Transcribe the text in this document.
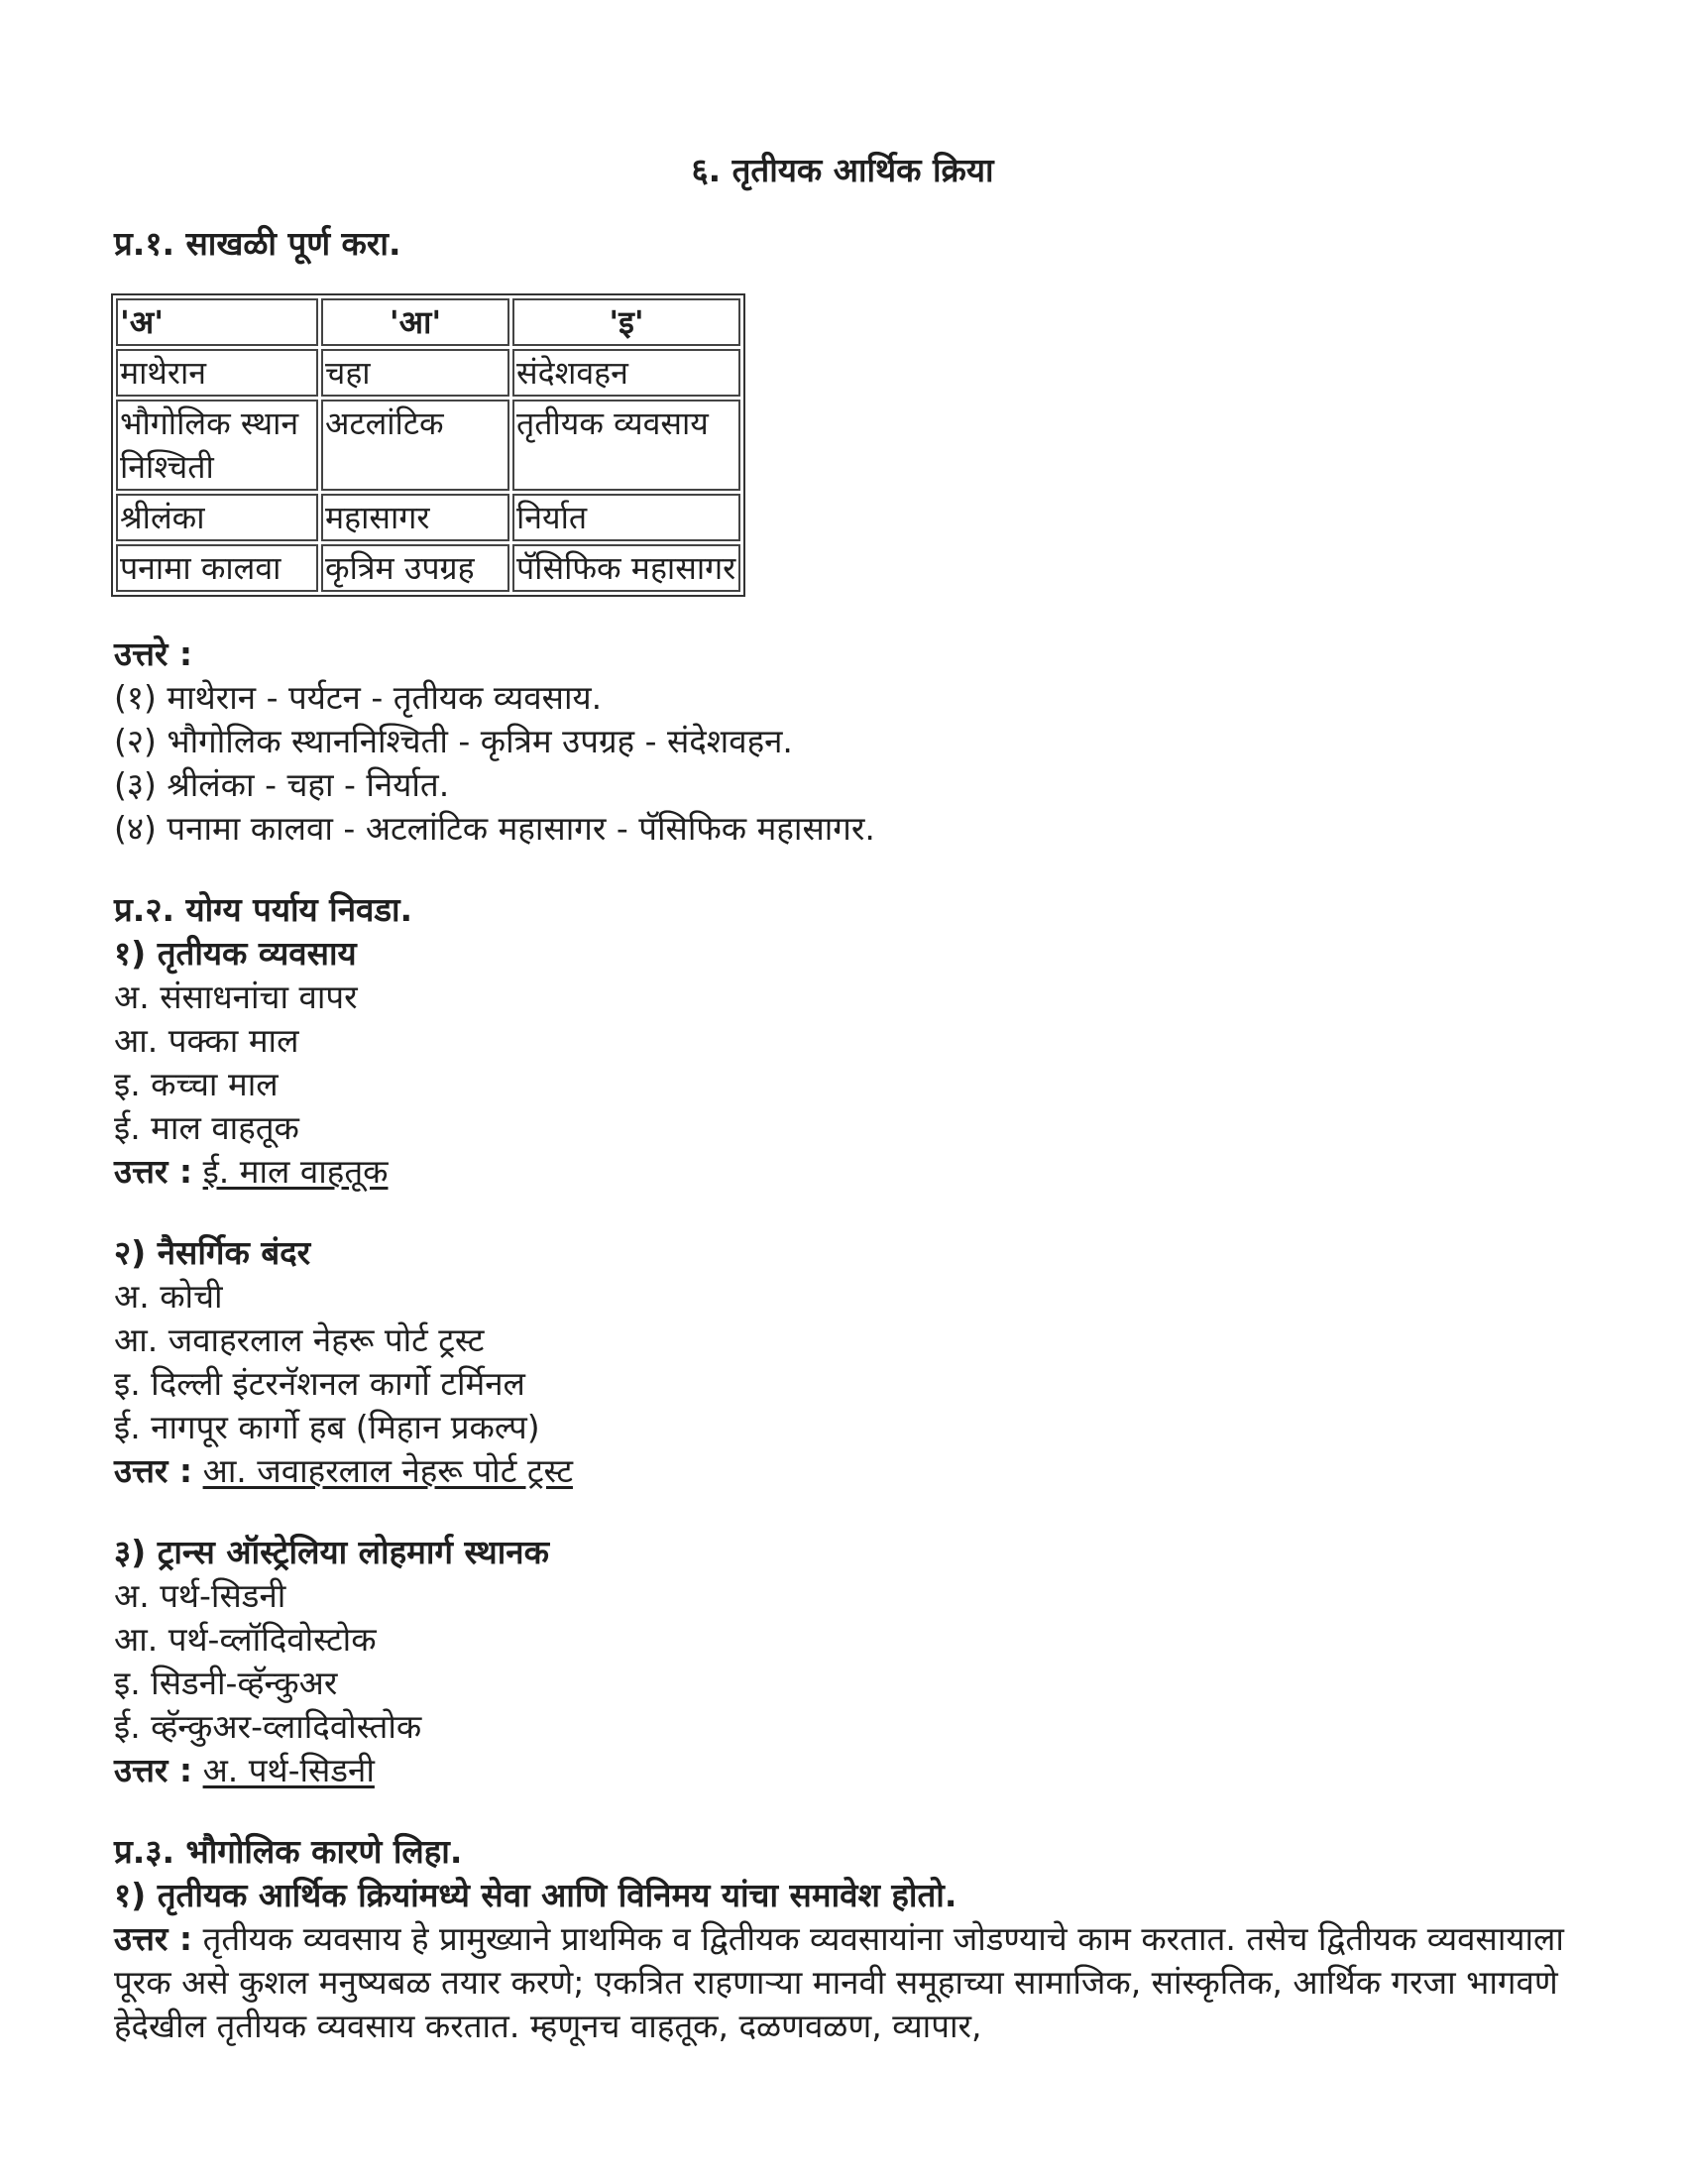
६. तृतीयक आर्थिक क्रिया
प्र.१. साखळी पूर्ण करा.
'अ'	'आ'	'इ'
माथेरान	चहा	संदेशवहन
भौगोलिक स्थान निश्चिती	अटलांटिक	तृतीयक व्यवसाय
श्रीलंका	महासागर	निर्यात
पनामा कालवा	कृत्रिम उपग्रह	पॅसिफिक महासागर
उत्तरे :
(१) माथेरान - पर्यटन - तृतीयक व्यवसाय.
(२) भौगोलिक स्थाननिश्चिती - कृत्रिम उपग्रह - संदेशवहन.
(३) श्रीलंका - चहा - निर्यात.
(४) पनामा कालवा - अटलांटिक महासागर - पॅसिफिक महासागर.
प्र.२. योग्य पर्याय निवडा.
१) तृतीयक व्यवसाय
अ. संसाधनांचा वापर
आ. पक्का माल
इ. कच्चा माल
ई. माल वाहतूक
उत्तर : ई. माल वाहतूक
२) नैसर्गिक बंदर
अ. कोची
आ. जवाहरलाल नेहरू पोर्ट ट्रस्ट
इ. दिल्ली इंटरनॅशनल कार्गो टर्मिनल
ई. नागपूर कार्गो हब (मिहान प्रकल्प)
उत्तर : आ. जवाहरलाल नेहरू पोर्ट ट्रस्ट
३) ट्रान्स ऑस्ट्रेलिया लोहमार्ग स्थानक
अ. पर्थ-सिडनी
आ. पर्थ-व्लॉदिवोस्टोक
इ. सिडनी-व्हॅन्कुअर
ई. व्हॅन्कुअर-व्लादिवोस्तोक
उत्तर : अ. पर्थ-सिडनी
प्र.३. भौगोलिक कारणे लिहा.
१) तृतीयक आर्थिक क्रियांमध्ये सेवा आणि विनिमय यांचा समावेश होतो.
उत्तर : तृतीयक व्यवसाय हे प्रामुख्याने प्राथमिक व द्वितीयक व्यवसायांना जोडण्याचे काम करतात. तसेच द्वितीयक व्यवसायाला पूरक असे कुशल मनुष्यबळ तयार करणे; एकत्रित राहणाऱ्या मानवी समूहाच्या सामाजिक, सांस्कृतिक, आर्थिक गरजा भागवणे हेदेखील तृतीयक व्यवसाय करतात. म्हणूनच वाहतूक, दळणवळण, व्यापार,
